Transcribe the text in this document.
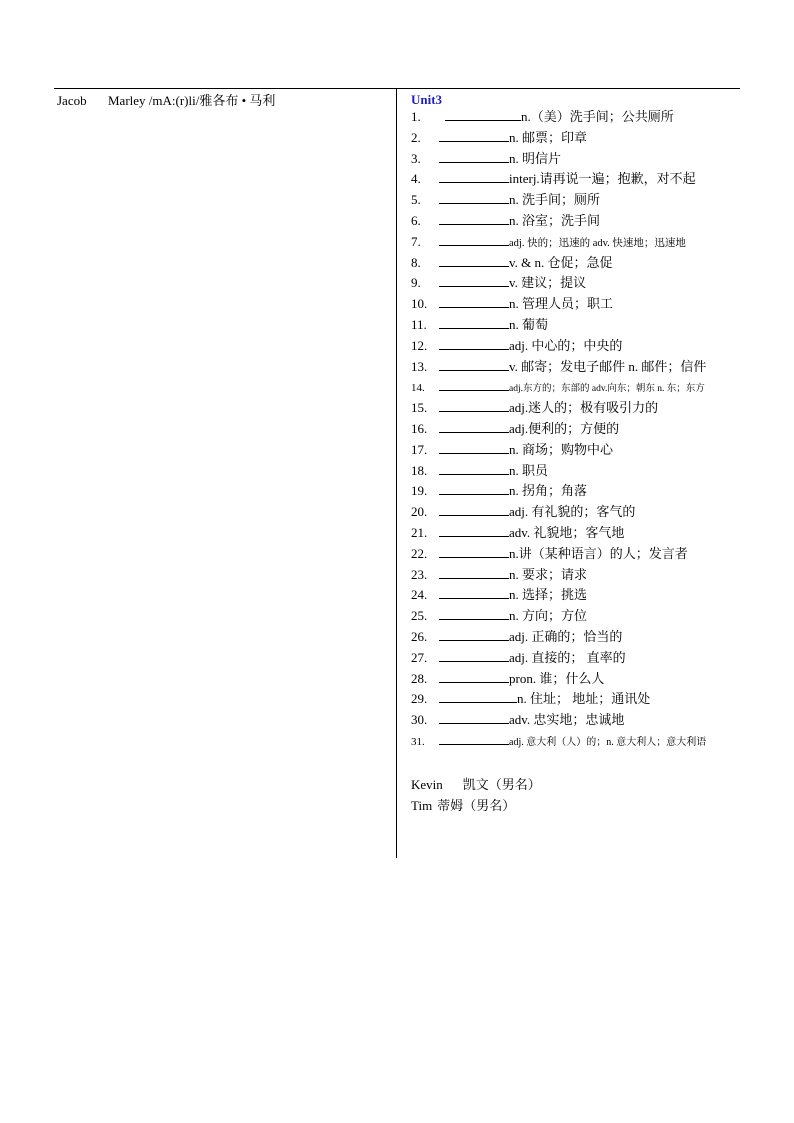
Jacob Marley /mA:(r)li/雅各布 • 马利	Unit3
1.	n.（美）洗手间；公共厕所
2.	n. 邮票；印章
3.	n. 明信片
4.	interj.请再说一遍；抱歉，对不起
5.	n. 洗手间；厕所
6.	n. 浴室；洗手间
7.	adj. 快的；迅速的 adv. 快速地；迅速地
8.	v. & n. 仓促；急促
9.	v. 建议；提议
10.	n. 管理人员；职工
11.	n. 葡萄
12.	adj. 中心的；中央的
13.	v. 邮寄；发电子邮件 n. 邮件；信件
14.	adj.东方的；东部的 adv.向东；朝东 n. 东；东方
15.	adj.迷人的；极有吸引力的
16.	adj.便利的；方便的
17.	n. 商场；购物中心
18.	n. 职员
19.	n. 拐角；角落
20.	adj. 有礼貌的；客气的
21.	adv. 礼貌地；客气地
22.	n.讲（某种语言）的人；发言者
23.	n. 要求；请求
24.	n. 选择；挑选
25.	n. 方向；方位
26.	adj. 正确的；恰当的
27.	adj. 直接的； 直率的
28.	pron. 谁；什么人
29.	n. 住址； 地址；通讯处
30.	adv. 忠实地；忠诚地
31.	adj. 意大利（人）的；n. 意大利人；意大利语
Kevin 凯文（男名）
Tim 蒂姆（男名）
